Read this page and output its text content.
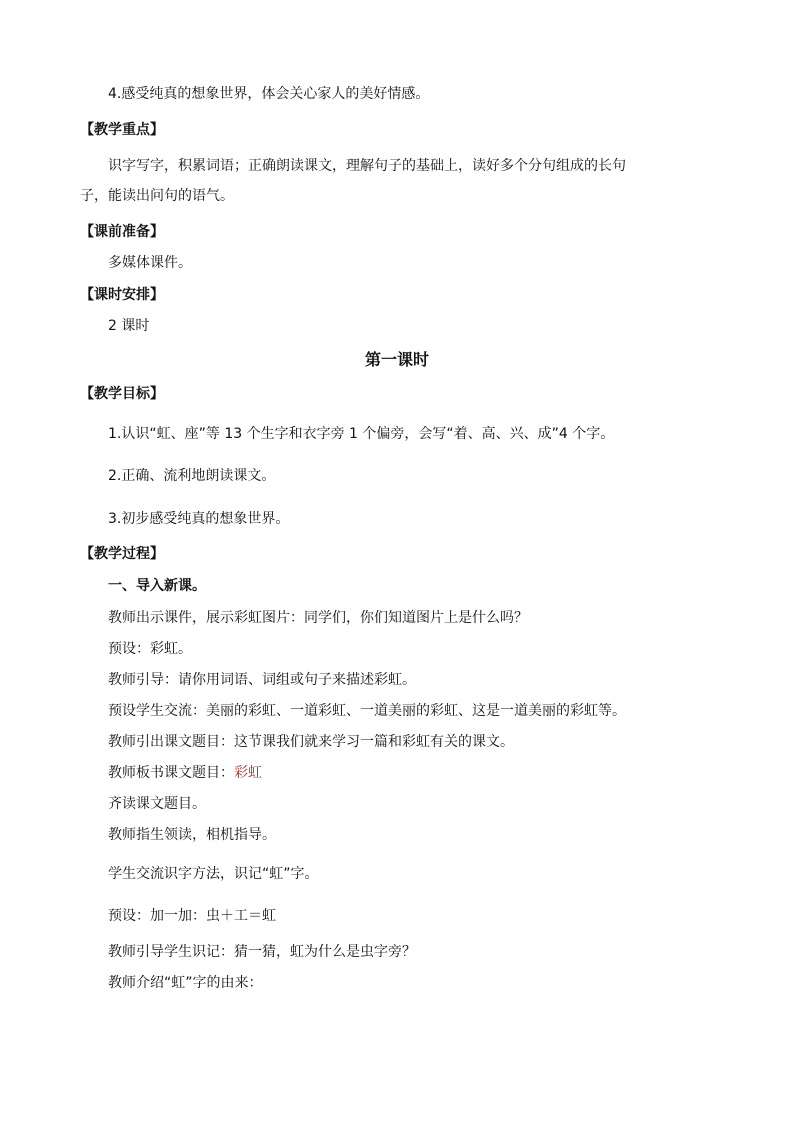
4.感受纯真的想象世界，体会关心家人的美好情感。
【教学重点】
识字写字，积累词语；正确朗读课文，理解句子的基础上，读好多个分句组成的长句
子，能读出问句的语气。
【课前准备】
多媒体课件。
【课时安排】
2 课时
第一课时
【教学目标】
1.认识“虹、座”等 13 个生字和衣字旁 1 个偏旁，会写“着、高、兴、成”4 个字。
2.正确、流利地朗读课文。
3.初步感受纯真的想象世界。
【教学过程】
一、导入新课。
教师出示课件，展示彩虹图片：同学们，你们知道图片上是什么吗？
预设：彩虹。
教师引导：请你用词语、词组或句子来描述彩虹。
预设学生交流：美丽的彩虹、一道彩虹、一道美丽的彩虹、这是一道美丽的彩虹等。
教师引出课文题目：这节课我们就来学习一篇和彩虹有关的课文。
教师板书课文题目：彩虹
齐读课文题目。
教师指生领读，相机指导。
学生交流识字方法，识记“虹”字。
预设：加一加：虫＋工＝虹
教师引导学生识记：猜一猜，虹为什么是虫字旁？
教师介绍“虹”字的由来：
